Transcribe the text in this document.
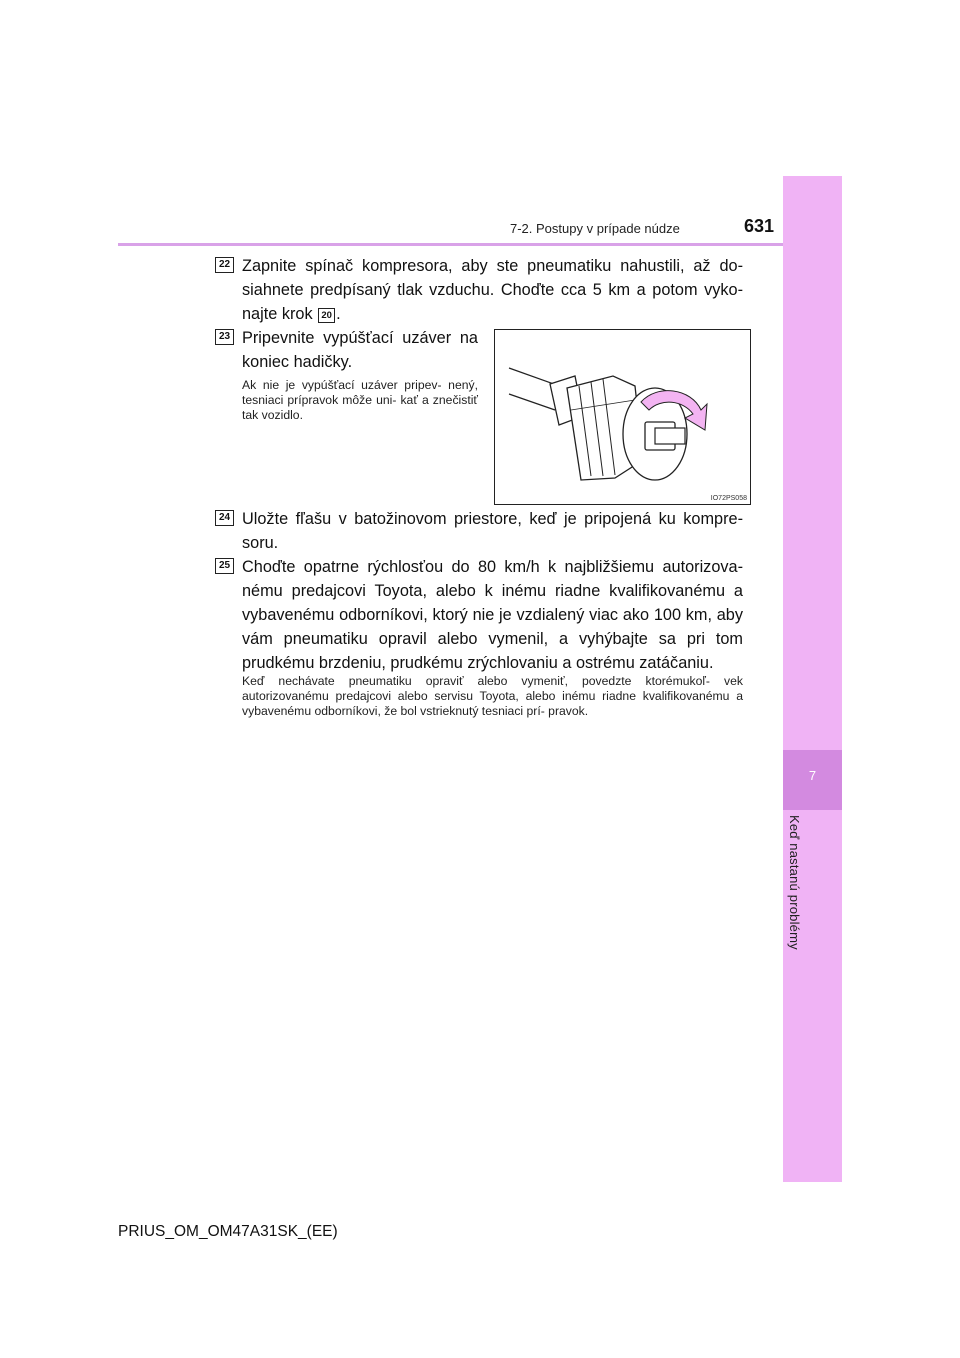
7
Keď nastanú problémy
7-2. Postupy v prípade núdze	631
22 Zapnite spínač kompresora, aby ste pneumatiku nahustili, až do- siahnete predpísaný tlak vzduchu. Choďte cca 5 km a potom vyko- najte krok 20 .
23 Pripevnite vypúšťací uzáver na koniec hadičky.
Ak nie je vypúšťací uzáver pripev- nený, tesniaci prípravok môže uni- kať a znečistiť tak vozidlo.
IO72PS058
24 Uložte fľašu v batožinovom priestore, keď je pripojená ku kompre- soru.
25 Choďte opatrne rýchlosťou do 80 km/h k najbližšiemu autorizova- nému predajcovi Toyota, alebo k inému riadne kvalifikovanému a vybavenému odborníkovi, ktorý nie je vzdialený viac ako 100 km, aby vám pneumatiku opravil alebo vymenil, a vyhýbajte sa pri tom prudkému brzdeniu, prudkému zrýchlovaniu a ostrému zatáčaniu.
Keď nechávate pneumatiku opraviť alebo vymeniť, povedzte ktorémukoľ- vek autorizovanému predajcovi alebo servisu Toyota, alebo inému riadne kvalifikovanému a vybavenému odborníkovi, že bol vstrieknutý tesniaci prí- pravok.
PRIUS_OM_OM47A31SK_(EE)
